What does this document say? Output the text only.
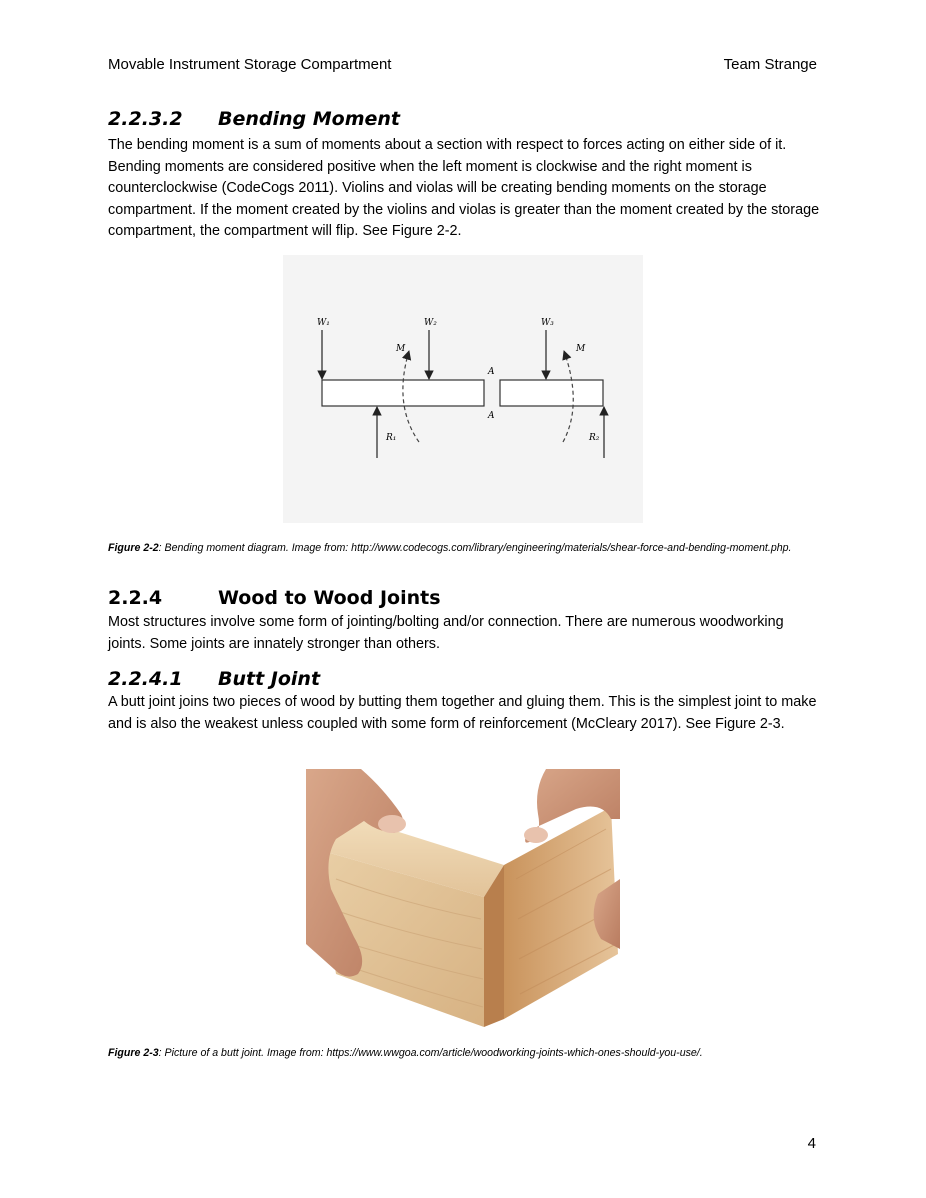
Movable Instrument Storage Compartment	Team Strange
2.2.3.2 Bending Moment

The bending moment is a sum of moments about a section with respect to forces acting on either side of it. Bending moments are considered positive when the left moment is clockwise and the right moment is counterclockwise (CodeCogs 2011). Violins and violas will be creating bending moments on the storage compartment. If the moment created by the violins and violas is greater than the moment created by the storage compartment, the compartment will flip. See Figure 2-2.

W₁	W₂	W₃
M	M
A
A
R₁	R₂
Figure 2-2: Bending moment diagram. Image from: http://www.codecogs.com/library/engineering/materials/shear-force-and-bending-moment.php.
2.2.4	Wood to Wood Joints

Most structures involve some form of jointing/bolting and/or connection. There are numerous woodworking joints. Some joints are innately stronger than others.

2.2.4.1 Butt Joint

A butt joint joins two pieces of wood by butting them together and gluing them. This is the simplest joint to make and is also the weakest unless coupled with some form of reinforcement (McCleary 2017). See Figure 2-3.

Figure 2-3: Picture of a butt joint. Image from: https://www.wwgoa.com/article/woodworking-joints-which-ones-should-you-use/.
4
